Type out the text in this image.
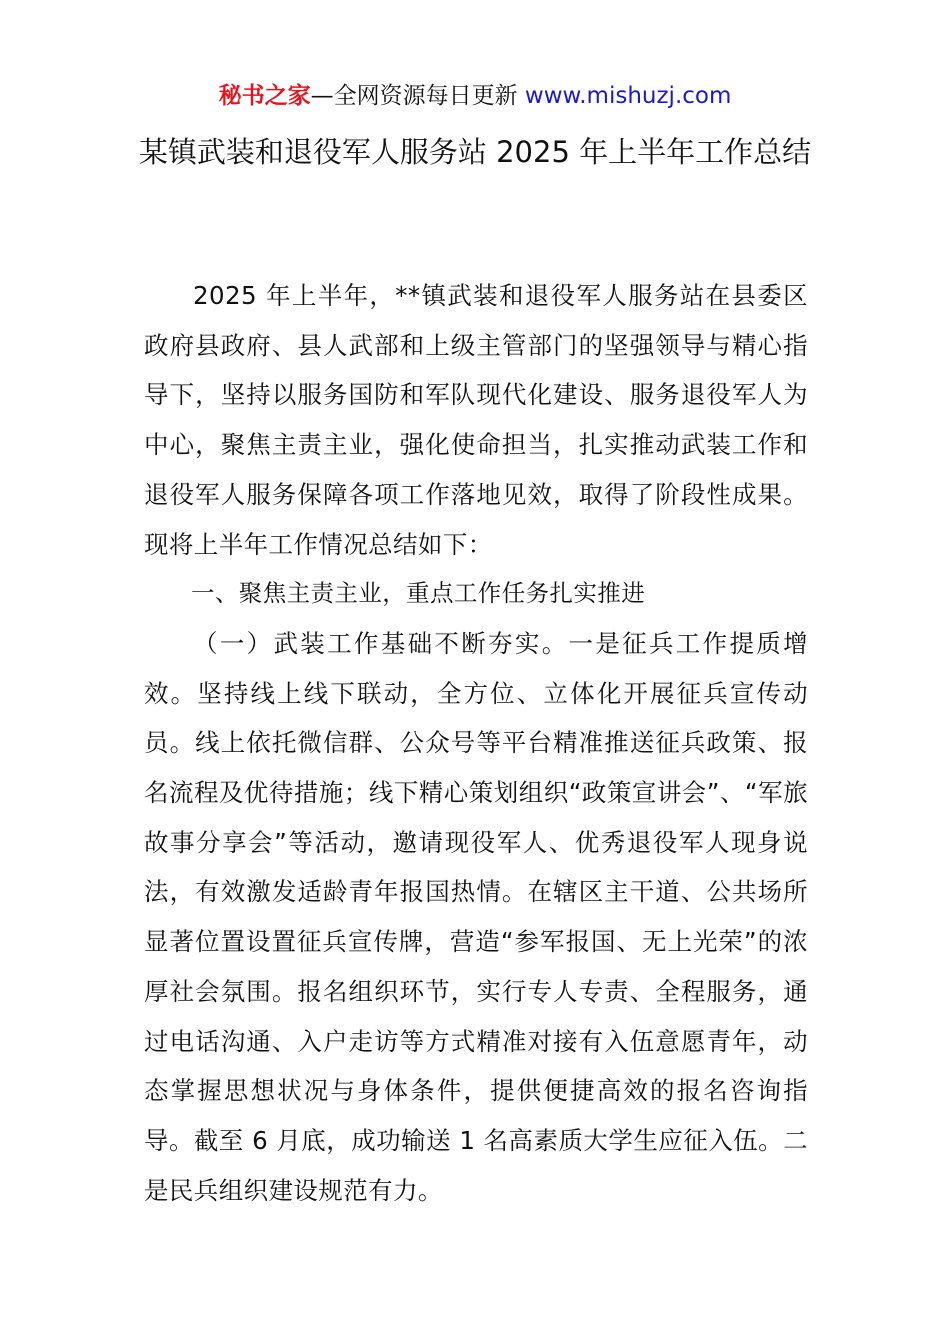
秘书之家—全网资源每日更新 www.mishuzj.com
某镇武装和退役军人服务站 2025 年上半年工作总结

2025 年上半年，**镇武装和退役军人服务站在县委区政府县政府、县人武部和上级主管部门的坚强领导与精心指导下，坚持以服务国防和军队现代化建设、服务退役军人为中心，聚焦主责主业，强化使命担当，扎实推动武装工作和退役军人服务保障各项工作落地见效，取得了阶段性成果。现将上半年工作情况总结如下：

一、聚焦主责主业，重点工作任务扎实推进

（一）武装工作基础不断夯实。一是征兵工作提质增效。坚持线上线下联动，全方位、立体化开展征兵宣传动员。线上依托微信群、公众号等平台精准推送征兵政策、报名流程及优待措施；线下精心策划组织“政策宣讲会”、“军旅故事分享会”等活动，邀请现役军人、优秀退役军人现身说法，有效激发适龄青年报国热情。在辖区主干道、公共场所显著位置设置征兵宣传牌，营造“参军报国、无上光荣”的浓厚社会氛围。报名组织环节，实行专人专责、全程服务，通过电话沟通、入户走访等方式精准对接有入伍意愿青年，动态掌握思想状况与身体条件，提供便捷高效的报名咨询指导。截至 6 月底，成功输送 1 名高素质大学生应征入伍。二是民兵组织建设规范有力。
